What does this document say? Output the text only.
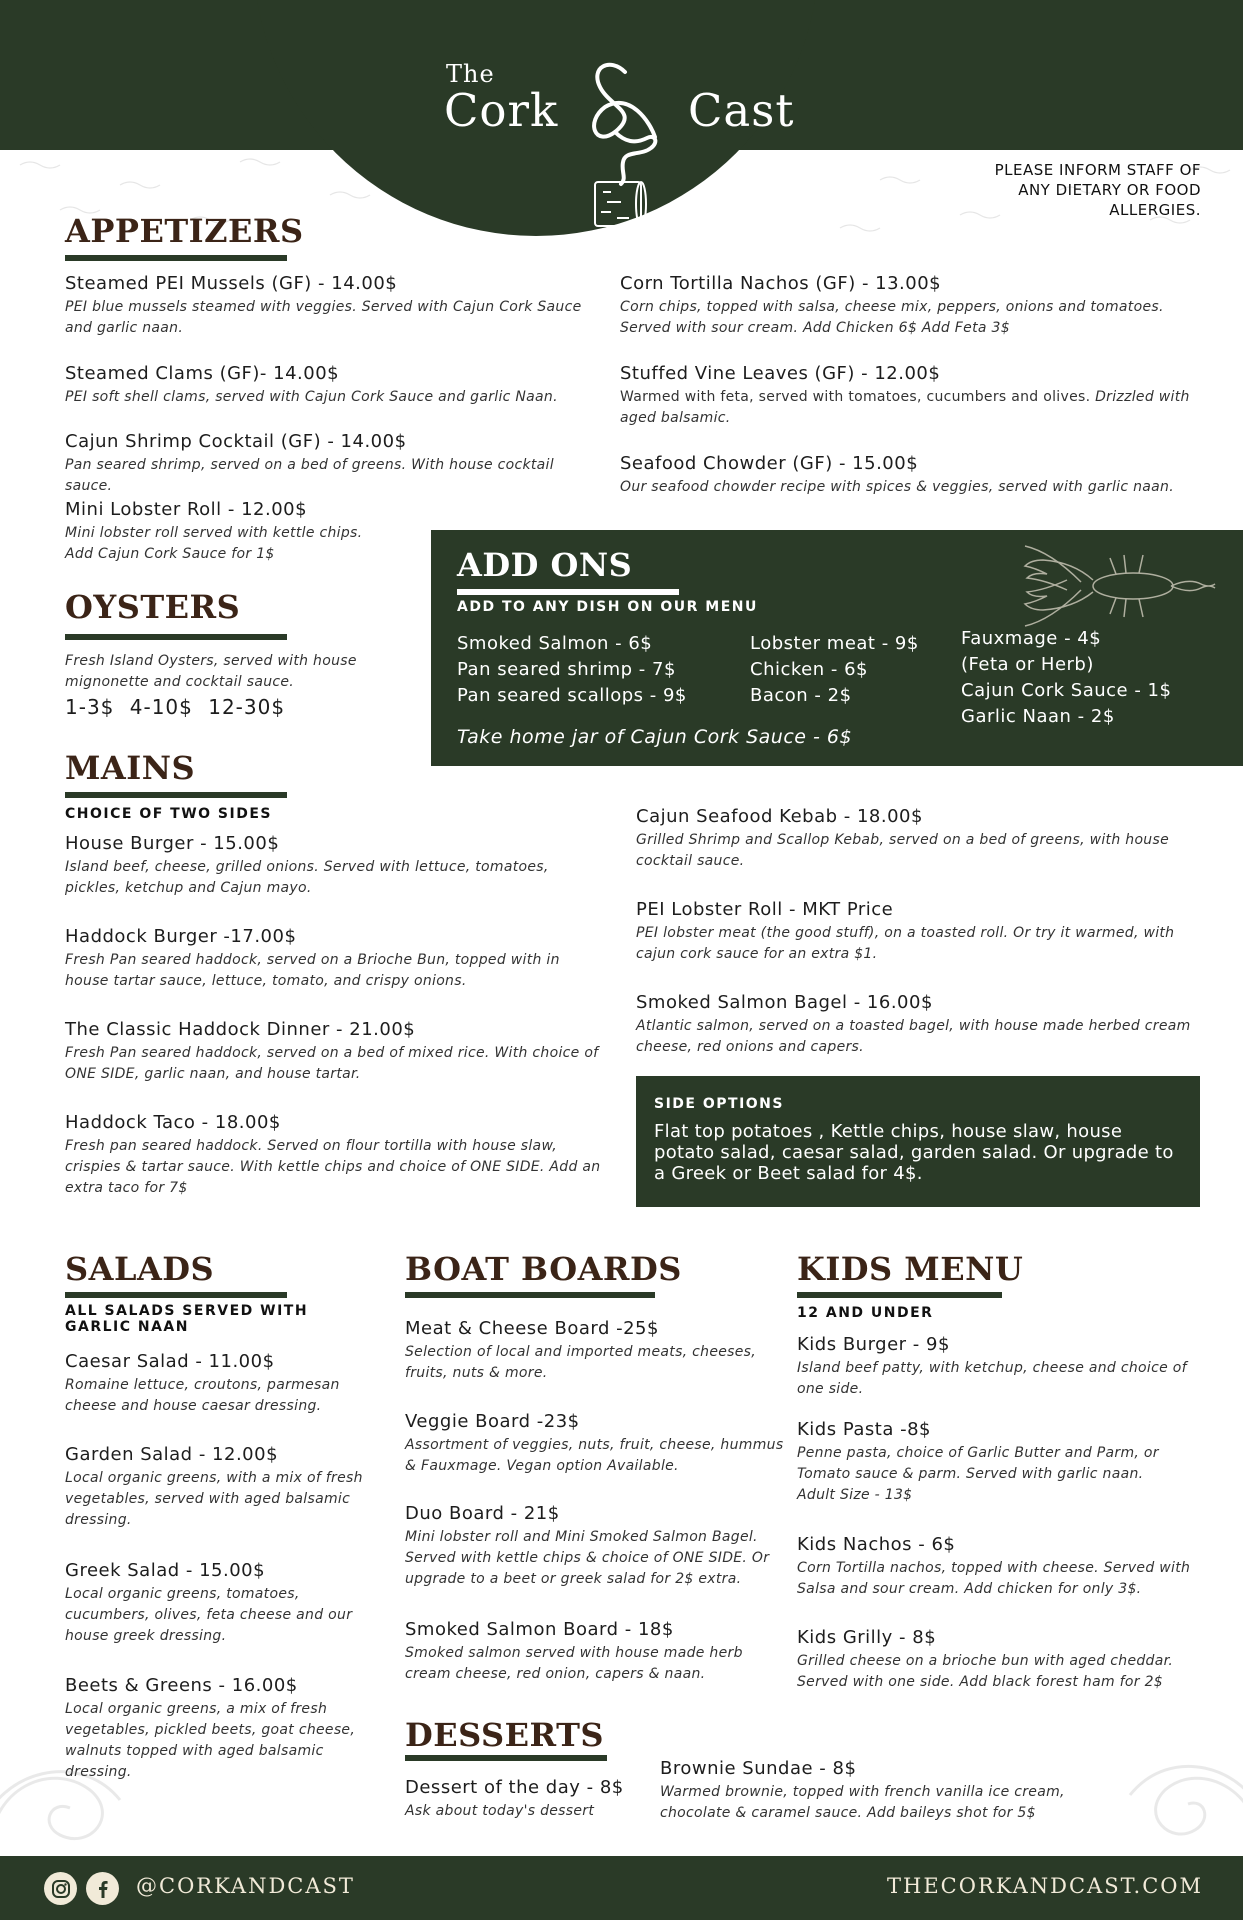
The
Cork	Cast
PLEASE INFORM STAFF OF ANY DIETARY OR FOOD ALLERGIES.
APPETIZERS
Steamed PEI Mussels (GF) - 14.00$
PEI blue mussels steamed with veggies. Served with Cajun Cork Sauce and garlic naan.
Steamed Clams (GF)- 14.00$
PEI soft shell clams, served with Cajun Cork Sauce and garlic Naan.
Cajun Shrimp Cocktail (GF) - 14.00$
Pan seared shrimp, served on a bed of greens. With house cocktail sauce.
Mini Lobster Roll - 12.00$
Mini lobster roll served with kettle chips.
Add Cajun Cork Sauce for 1$
Corn Tortilla Nachos (GF) - 13.00$
Corn chips, topped with salsa, cheese mix, peppers, onions and tomatoes. Served with sour cream. Add Chicken 6$ Add Feta 3$
Stuffed Vine Leaves (GF) - 12.00$
Warmed with feta, served with tomatoes, cucumbers and olives. Drizzled with aged balsamic.
Seafood Chowder (GF) - 15.00$
Our seafood chowder recipe with spices & veggies, served with garlic naan.
OYSTERS
Fresh Island Oysters, served with house mignonette and cocktail sauce.
1-3$ 4-10$ 12-30$
ADD ONS
ADD TO ANY DISH ON OUR MENU
Smoked Salmon - 6$
Pan seared shrimp - 7$
Pan seared scallops - 9$
Lobster meat - 9$
Chicken - 6$
Bacon - 2$
Fauxmage - 4$
(Feta or Herb)
Cajun Cork Sauce - 1$
Garlic Naan - 2$
Take home jar of Cajun Cork Sauce - 6$
MAINS
CHOICE OF TWO SIDES
House Burger - 15.00$
Island beef, cheese, grilled onions. Served with lettuce, tomatoes, pickles, ketchup and Cajun mayo.
Haddock Burger -17.00$
Fresh Pan seared haddock, served on a Brioche Bun, topped with in house tartar sauce, lettuce, tomato, and crispy onions.
The Classic Haddock Dinner - 21.00$
Fresh Pan seared haddock, served on a bed of mixed rice. With choice of ONE SIDE, garlic naan, and house tartar.
Haddock Taco - 18.00$
Fresh pan seared haddock. Served on flour tortilla with house slaw, crispies & tartar sauce. With kettle chips and choice of ONE SIDE. Add an extra taco for 7$
Cajun Seafood Kebab - 18.00$
Grilled Shrimp and Scallop Kebab, served on a bed of greens, with house cocktail sauce.
PEI Lobster Roll - MKT Price
PEI lobster meat (the good stuff), on a toasted roll. Or try it warmed, with cajun cork sauce for an extra $1.
Smoked Salmon Bagel - 16.00$
Atlantic salmon, served on a toasted bagel, with house made herbed cream cheese, red onions and capers.
SIDE OPTIONS
Flat top potatoes , Kettle chips, house slaw, house potato salad, caesar salad, garden salad. Or upgrade to a Greek or Beet salad for 4$.
SALADS
ALL SALADS SERVED WITH GARLIC NAAN
Caesar Salad - 11.00$
Romaine lettuce, croutons, parmesan cheese and house caesar dressing.
Garden Salad - 12.00$
Local organic greens, with a mix of fresh vegetables, served with aged balsamic dressing.
Greek Salad - 15.00$
Local organic greens, tomatoes, cucumbers, olives, feta cheese and our house greek dressing.
Beets & Greens - 16.00$
Local organic greens, a mix of fresh vegetables, pickled beets, goat cheese, walnuts topped with aged balsamic dressing.
BOAT BOARDS
Meat & Cheese Board -25$
Selection of local and imported meats, cheeses, fruits, nuts & more.
Veggie Board -23$
Assortment of veggies, nuts, fruit, cheese, hummus & Fauxmage. Vegan option Available.
Duo Board - 21$
Mini lobster roll and Mini Smoked Salmon Bagel. Served with kettle chips & choice of ONE SIDE. Or upgrade to a beet or greek salad for 2$ extra.
Smoked Salmon Board - 18$
Smoked salmon served with house made herb cream cheese, red onion, capers & naan.
KIDS MENU
12 AND UNDER
Kids Burger - 9$
Island beef patty, with ketchup, cheese and choice of one side.
Kids Pasta -8$
Penne pasta, choice of Garlic Butter and Parm, or Tomato sauce & parm. Served with garlic naan.
Adult Size - 13$
Kids Nachos - 6$
Corn Tortilla nachos, topped with cheese. Served with Salsa and sour cream. Add chicken for only 3$.
Kids Grilly - 8$
Grilled cheese on a brioche bun with aged cheddar. Served with one side. Add black forest ham for 2$
DESSERTS
Dessert of the day - 8$
Ask about today's dessert
Brownie Sundae - 8$
Warmed brownie, topped with french vanilla ice cream, chocolate & caramel sauce. Add baileys shot for 5$
@CORKANDCAST	THECORKANDCAST.COM
